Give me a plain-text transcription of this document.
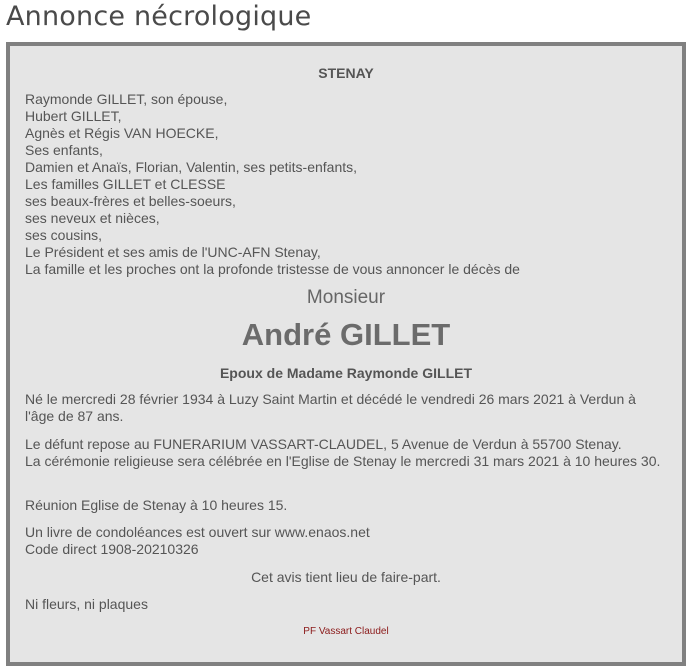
Annonce nécrologique
STENAY
Raymonde GILLET, son épouse,
Hubert GILLET,
Agnès et Régis VAN HOECKE,
Ses enfants,
Damien et Anaïs, Florian, Valentin, ses petits-enfants,
Les familles GILLET et CLESSE
ses beaux-frères et belles-soeurs,
ses neveux et nièces,
ses cousins,
Le Président et ses amis de l'UNC-AFN Stenay,
La famille et les proches ont la profonde tristesse de vous annoncer le décès de
Monsieur
André GILLET
Epoux de Madame Raymonde GILLET
Né le mercredi 28 février 1934 à Luzy Saint Martin et décédé le vendredi 26 mars 2021 à Verdun à l'âge de 87 ans.
Le défunt repose au FUNERARIUM VASSART-CLAUDEL, 5 Avenue de Verdun à 55700 Stenay.
La cérémonie religieuse sera célébrée en l'Eglise de Stenay le mercredi 31 mars 2021 à 10 heures 30.
Réunion Eglise de Stenay à 10 heures 15.
Un livre de condoléances est ouvert sur www.enaos.net
Code direct 1908-20210326
Cet avis tient lieu de faire-part.
Ni fleurs, ni plaques
PF Vassart Claudel
